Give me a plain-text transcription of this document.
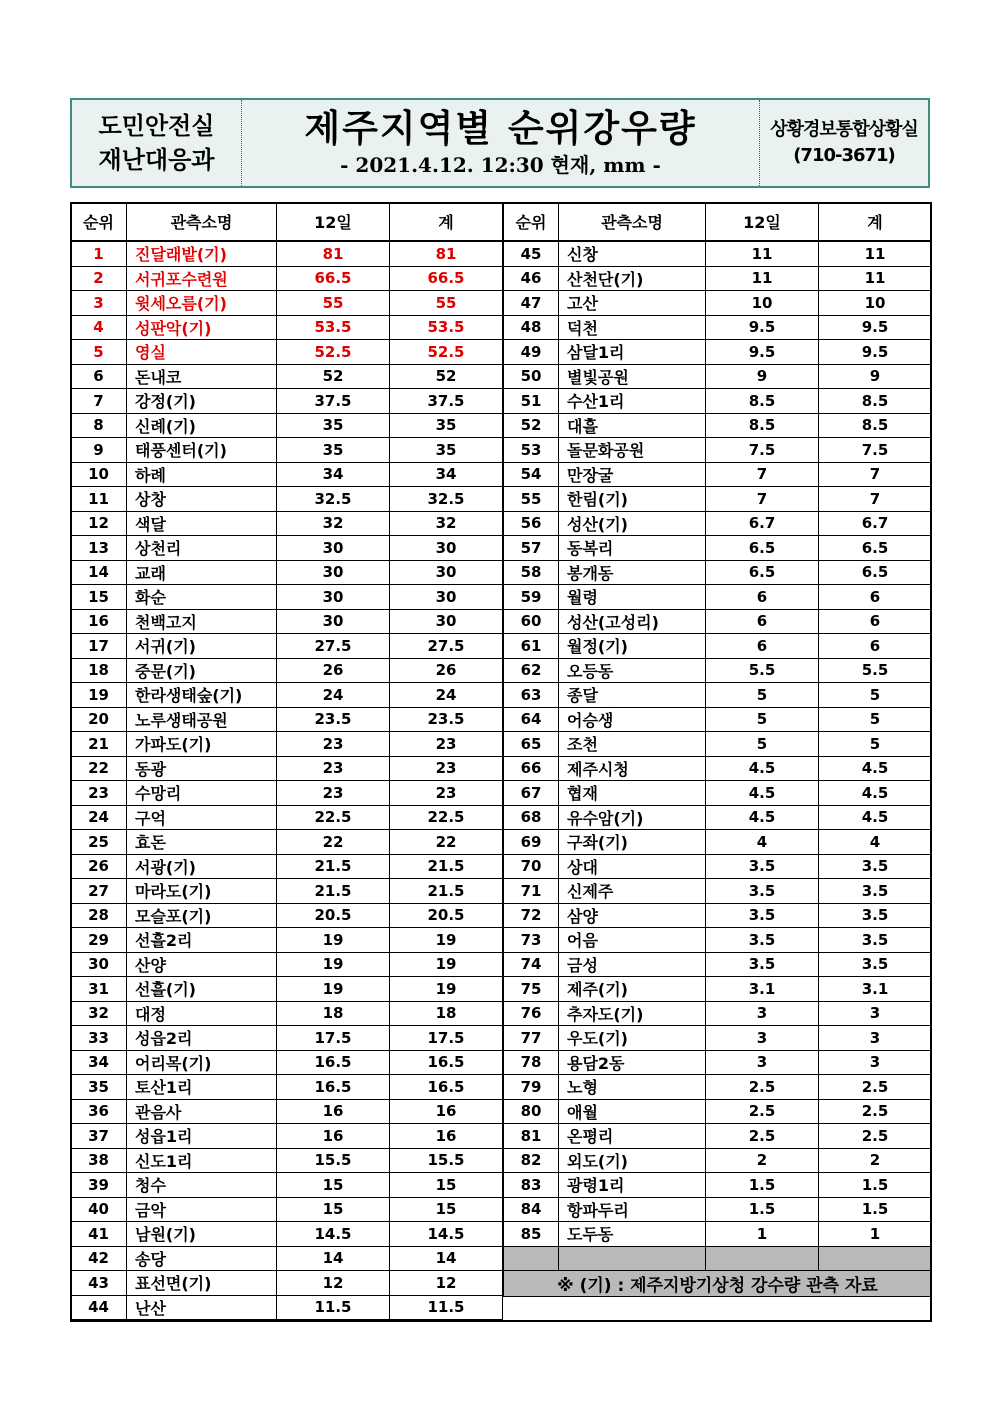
도민안전실
재난대응과
제주지역별 순위강우량
- 2021.4.12. 12:30 현재, mm -
상황경보통합상황실
(710-3671)
순위	관측소명	12일	계
1	진달래밭(기)	81	81
2	서귀포수련원	66.5	66.5
3	윗세오름(기)	55	55
4	성판악(기)	53.5	53.5
5	영실	52.5	52.5
6	돈내코	52	52
7	강정(기)	37.5	37.5
8	신례(기)	35	35
9	태풍센터(기)	35	35
10	하례	34	34
11	상창	32.5	32.5
12	색달	32	32
13	상천리	30	30
14	교래	30	30
15	화순	30	30
16	천백고지	30	30
17	서귀(기)	27.5	27.5
18	중문(기)	26	26
19	한라생태숲(기)	24	24
20	노루생태공원	23.5	23.5
21	가파도(기)	23	23
22	동광	23	23
23	수망리	23	23
24	구억	22.5	22.5
25	효돈	22	22
26	서광(기)	21.5	21.5
27	마라도(기)	21.5	21.5
28	모슬포(기)	20.5	20.5
29	선흘2리	19	19
30	산양	19	19
31	선흘(기)	19	19
32	대정	18	18
33	성읍2리	17.5	17.5
34	어리목(기)	16.5	16.5
35	토산1리	16.5	16.5
36	관음사	16	16
37	성읍1리	16	16
38	신도1리	15.5	15.5
39	청수	15	15
40	금악	15	15
41	남원(기)	14.5	14.5
42	송당	14	14
43	표선면(기)	12	12
44	난산	11.5	11.5
순위	관측소명	12일	계
45	신창	11	11
46	산천단(기)	11	11
47	고산	10	10
48	덕천	9.5	9.5
49	삼달1리	9.5	9.5
50	별빛공원	9	9
51	수산1리	8.5	8.5
52	대흘	8.5	8.5
53	돌문화공원	7.5	7.5
54	만장굴	7	7
55	한림(기)	7	7
56	성산(기)	6.7	6.7
57	동복리	6.5	6.5
58	봉개동	6.5	6.5
59	월령	6	6
60	성산(고성리)	6	6
61	월정(기)	6	6
62	오등동	5.5	5.5
63	종달	5	5
64	어승생	5	5
65	조천	5	5
66	제주시청	4.5	4.5
67	협재	4.5	4.5
68	유수암(기)	4.5	4.5
69	구좌(기)	4	4
70	상대	3.5	3.5
71	신제주	3.5	3.5
72	삼양	3.5	3.5
73	어음	3.5	3.5
74	금성	3.5	3.5
75	제주(기)	3.1	3.1
76	추자도(기)	3	3
77	우도(기)	3	3
78	용담2동	3	3
79	노형	2.5	2.5
80	애월	2.5	2.5
81	온평리	2.5	2.5
82	외도(기)	2	2
83	광령1리	1.5	1.5
84	항파두리	1.5	1.5
85	도두동	1	1

※ (기) : 제주지방기상청 강수량 관측 자료			
